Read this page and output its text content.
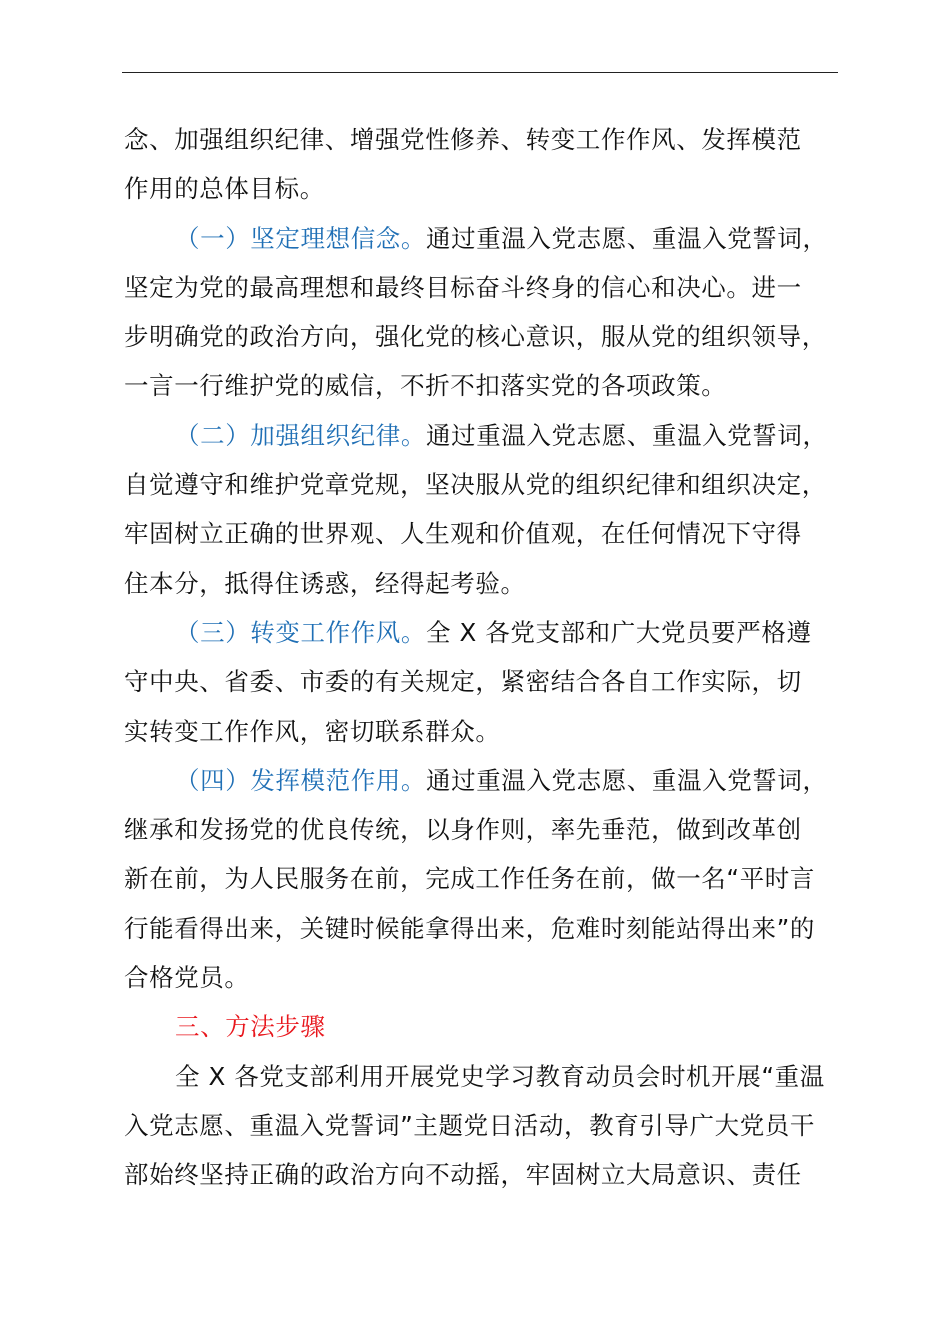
念、加强组织纪律、增强党性修养、转变工作作风、发挥模范
作用的总体目标。
（一）坚定理想信念。通过重温入党志愿、重温入党誓词，
坚定为党的最高理想和最终目标奋斗终身的信心和决心。进一
步明确党的政治方向，强化党的核心意识，服从党的组织领导，
一言一行维护党的威信，不折不扣落实党的各项政策。
（二）加强组织纪律。通过重温入党志愿、重温入党誓词，
自觉遵守和维护党章党规，坚决服从党的组织纪律和组织决定，
牢固树立正确的世界观、人生观和价值观，在任何情况下守得
住本分，抵得住诱惑，经得起考验。
（三）转变工作作风。全 X 各党支部和广大党员要严格遵
守中央、省委、市委的有关规定，紧密结合各自工作实际，切
实转变工作作风，密切联系群众。
（四）发挥模范作用。通过重温入党志愿、重温入党誓词，
继承和发扬党的优良传统，以身作则，率先垂范，做到改革创
新在前，为人民服务在前，完成工作任务在前，做一名“平时言
行能看得出来，关键时候能拿得出来，危难时刻能站得出来”的
合格党员。
三、方法步骤
全 X 各党支部利用开展党史学习教育动员会时机开展“重温
入党志愿、重温入党誓词”主题党日活动，教育引导广大党员干
部始终坚持正确的政治方向不动摇，牢固树立大局意识、责任
